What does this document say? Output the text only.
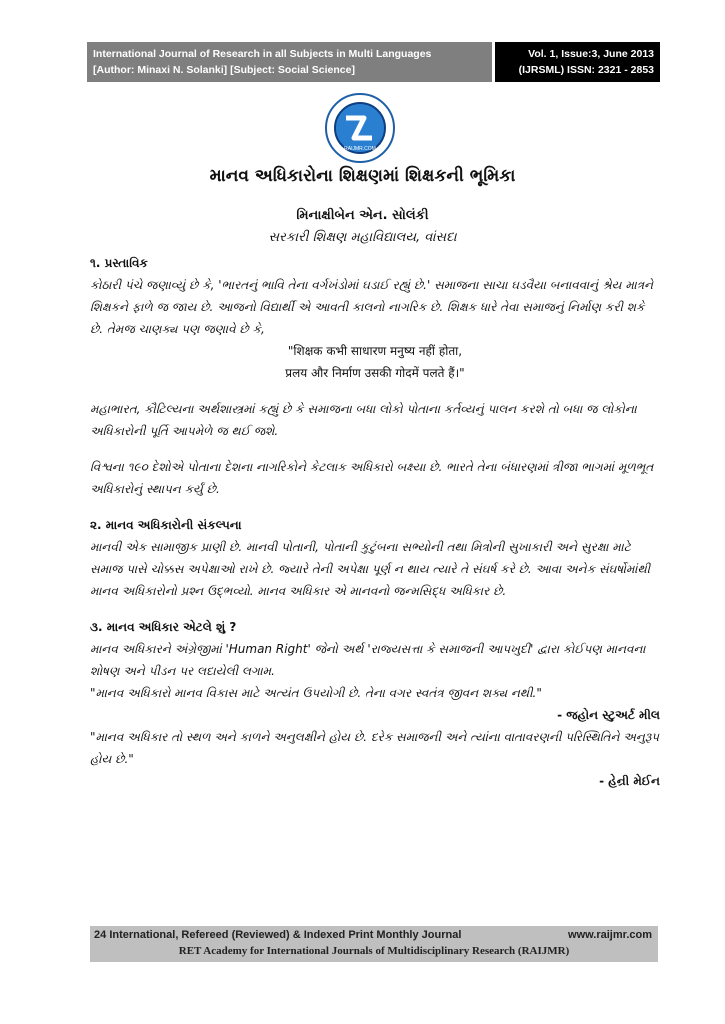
International Journal of Research in all Subjects in Multi Languages
[Author: Minaxi N. Solanki] [Subject: Social Science]
Vol. 1, Issue:3, June 2013
(IJRSML) ISSN: 2321 - 2853
RAIJMR.COM
માનવ અધિકારોના શિક્ષણમાં શિક્ષકની ભૂમિકા
મિનાક્ષીબેન એન. સોલંકી
સરકારી શિક્ષણ મહાવિદ્યાલય, વાંસદા

૧. પ્રસ્તાવિક

કોઠારી પંચે જણાવ્યું છે કે, 'ભારતનું ભાવિ તેના વર્ગખંડોમાં ઘડાઈ રહ્યું છે.' સમાજના સાચા ઘડવૈયા બનાવવાનું શ્રેય માત્રને શિક્ષકને ફાળે જ જાય છે. આજનો વિદ્યાર્થી એ આવતી કાલનો નાગરિક છે. શિક્ષક ધારે તેવા સમાજનું નિર્માણ કરી શકે છે. તેમજ ચાણક્ય પણ જણાવે છે કે,

"शिक्षक कभी साधारण मनुष्य नहीं होता,

प्रलय और निर्माण उसकी गोदमें पलते हैं।"

મહાભારત, કૌટિલ્યના અર્થશાસ્ત્રમાં કહ્યું છે કે સમાજના બધા લોકો પોતાના કર્તવ્યનું પાલન કરશે તો બધા જ લોકોના અધિકારોની પૂર્તિ આપમેળે જ થઈ જશે.

વિશ્વના ૧૯૦ દેશોએ પોતાના દેશના નાગરિકોને કેટલાક અધિકારો બક્ષ્યા છે. ભારતે તેના બંધારણમાં ત્રીજા ભાગમાં મૂળભૂત અધિકારોનું સ્થાપન કર્યું છે.

૨. માનવ અધિકારોની સંકલ્પના

માનવી એક સામાજીક પ્રાણી છે. માનવી પોતાની, પોતાની કુટુંબના સભ્યોની તથા મિત્રોની સુખાકારી અને સુરક્ષા માટે સમાજ પાસે ચોક્કસ અપેક્ષાઓ રાખે છે. જ્યારે તેની અપેક્ષા પૂર્ણ ન થાય ત્યારે તે સંઘર્ષ કરે છે. આવા અનેક સંઘર્ષોમાંથી માનવ અધિકારોનો પ્રશ્ન ઉદ્ભવ્યો. માનવ અધિકાર એ માનવનો જન્મસિદ્ધ અધિકાર છે.

૩. માનવ અધિકાર એટલે શું ?

માનવ અધિકારને અંગ્રેજીમાં 'Human Right' જેનો અર્થ 'રાજ્યસત્તા કે સમાજની આપખુદી' દ્વારા કોઈપણ માનવના શોષણ અને પીડન પર લદાયેલી લગામ.

"માનવ અધિકારો માનવ વિકાસ માટે અત્યંત ઉપયોગી છે. તેના વગર સ્વતંત્ર જીવન શક્ય નથી."

- જહોન સ્ટુઅર્ટ મીલ

"માનવ અધિકાર તો સ્થળ અને કાળને અનુલક્ષીને હોય છે. દરેક સમાજની અને ત્યાંના વાતાવરણની પરિસ્થિતિને અનુરૂપ હોય છે."

- હેન્રી મેઈન

24 International, Refereed (Reviewed) & Indexed Print Monthly Journal	www.raijmr.com
RET Academy for International Journals of Multidisciplinary Research (RAIJMR)
